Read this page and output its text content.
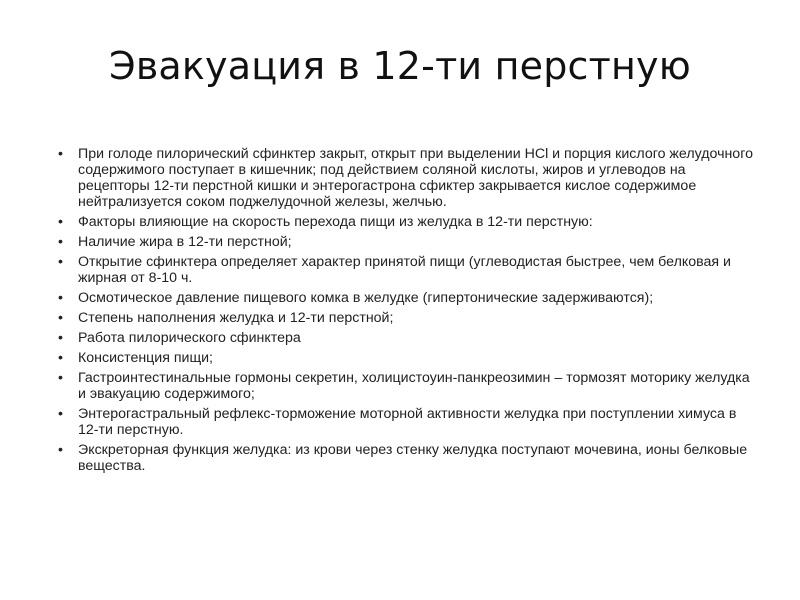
Эвакуация в 12-ти перстную
•	При голоде пилорический сфинктер закрыт, открыт при выделении HCl и порция кислого желудочного содержимого поступает в кишечник; под действием соляной кислоты, жиров и углеводов на рецепторы 12-ти перстной кишки и энтерогастрона сфиктер закрывается кислое содержимое нейтрализуется соком поджелудочной железы, желчью.
•	Факторы влияющие на скорость перехода пищи из желудка в 12-ти перстную:
•	Наличие жира в 12-ти перстной;
•	Открытие сфинктера определяет характер принятой пищи (углеводистая быстрее, чем белковая и жирная от 8-10 ч.
•	Осмотическое давление пищевого комка в желудке (гипертонические задерживаются);
•	Степень наполнения желудка и 12-ти перстной;
•	Работа пилорического сфинктера
•	Консистенция пищи;
•	Гастроинтестинальные гормоны секретин, холицистоуин-панкреозимин – тормозят моторику желудка и эвакуацию содержимого;
•	Энтерогастральный рефлекс-торможение моторной активности желудка при поступлении химуса в 12-ти перстную.
•	Экскреторная функция желудка: из крови через стенку желудка поступают мочевина, ионы белковые вещества.
